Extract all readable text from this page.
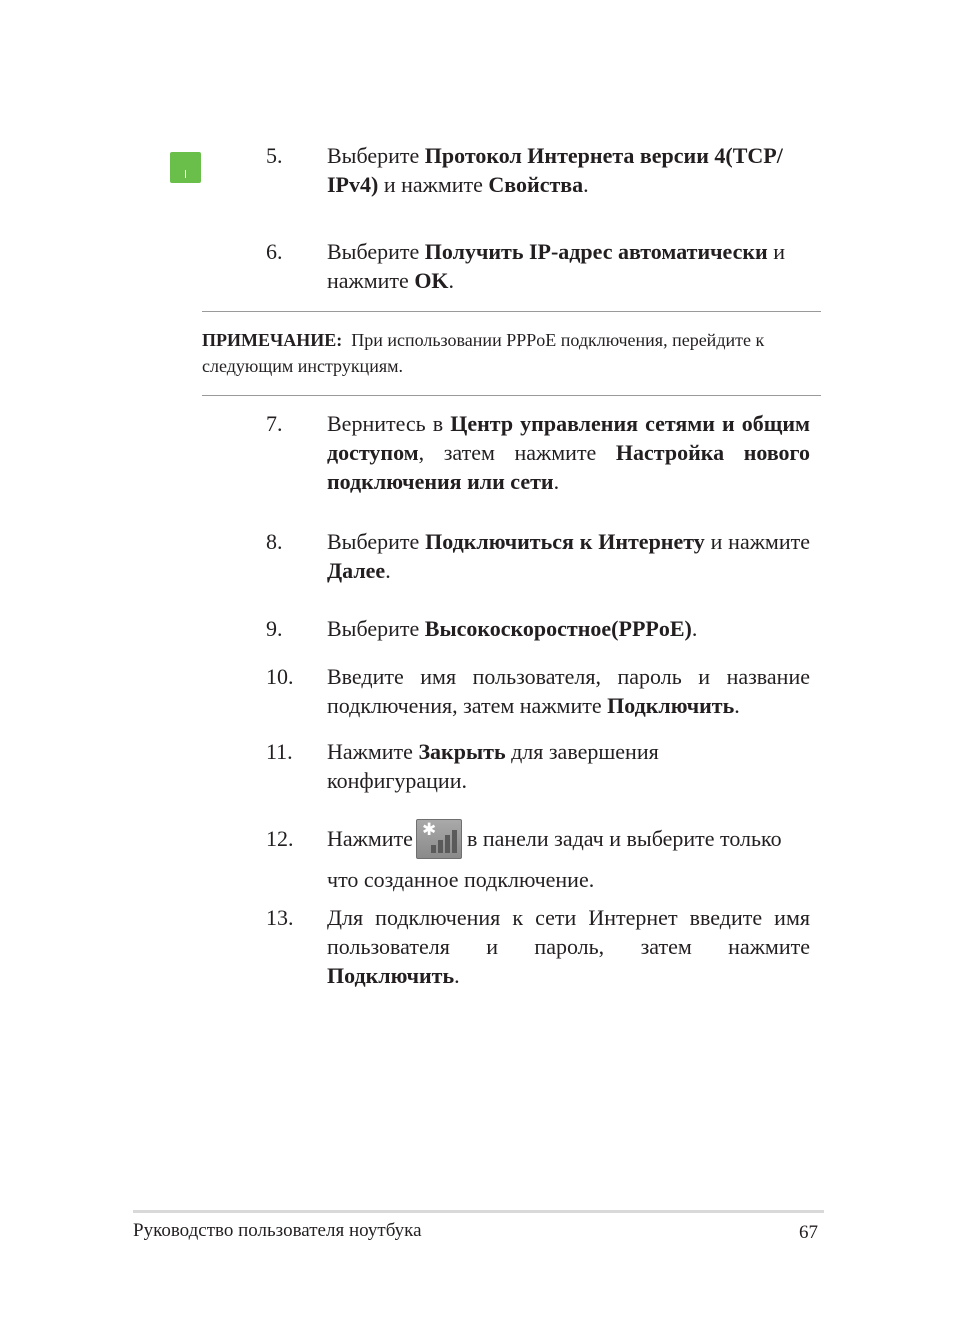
5. Выберите Протокол Интернета версии 4(TCP/ IPv4) и нажмите Свойства.
6. Выберите Получить IP-адрес автоматически и нажмите OK.
ПРИМЕЧАНИЕ: При использовании PPPoE подключения, перейдите к следующим инструкциям.
7. Вернитесь в Центр управления сетями и общим доступом, затем нажмите Настройка нового подключения или сети.
8. Выберите Подключиться к Интернету и нажмите Далее.
9. Выберите Высокоскоростное(PPPoE).
10. Введите имя пользователя, пароль и название подключения, затем нажмите Подключить.
11. Нажмите Закрыть для завершения конфигурации.
12. Нажмите ✱ в панели задач и выберите только что созданное подключение.
13. Для подключения к сети Интернет введите имя пользователя и пароль, затем нажмите Подключить.
Руководство пользователя ноутбука	67
